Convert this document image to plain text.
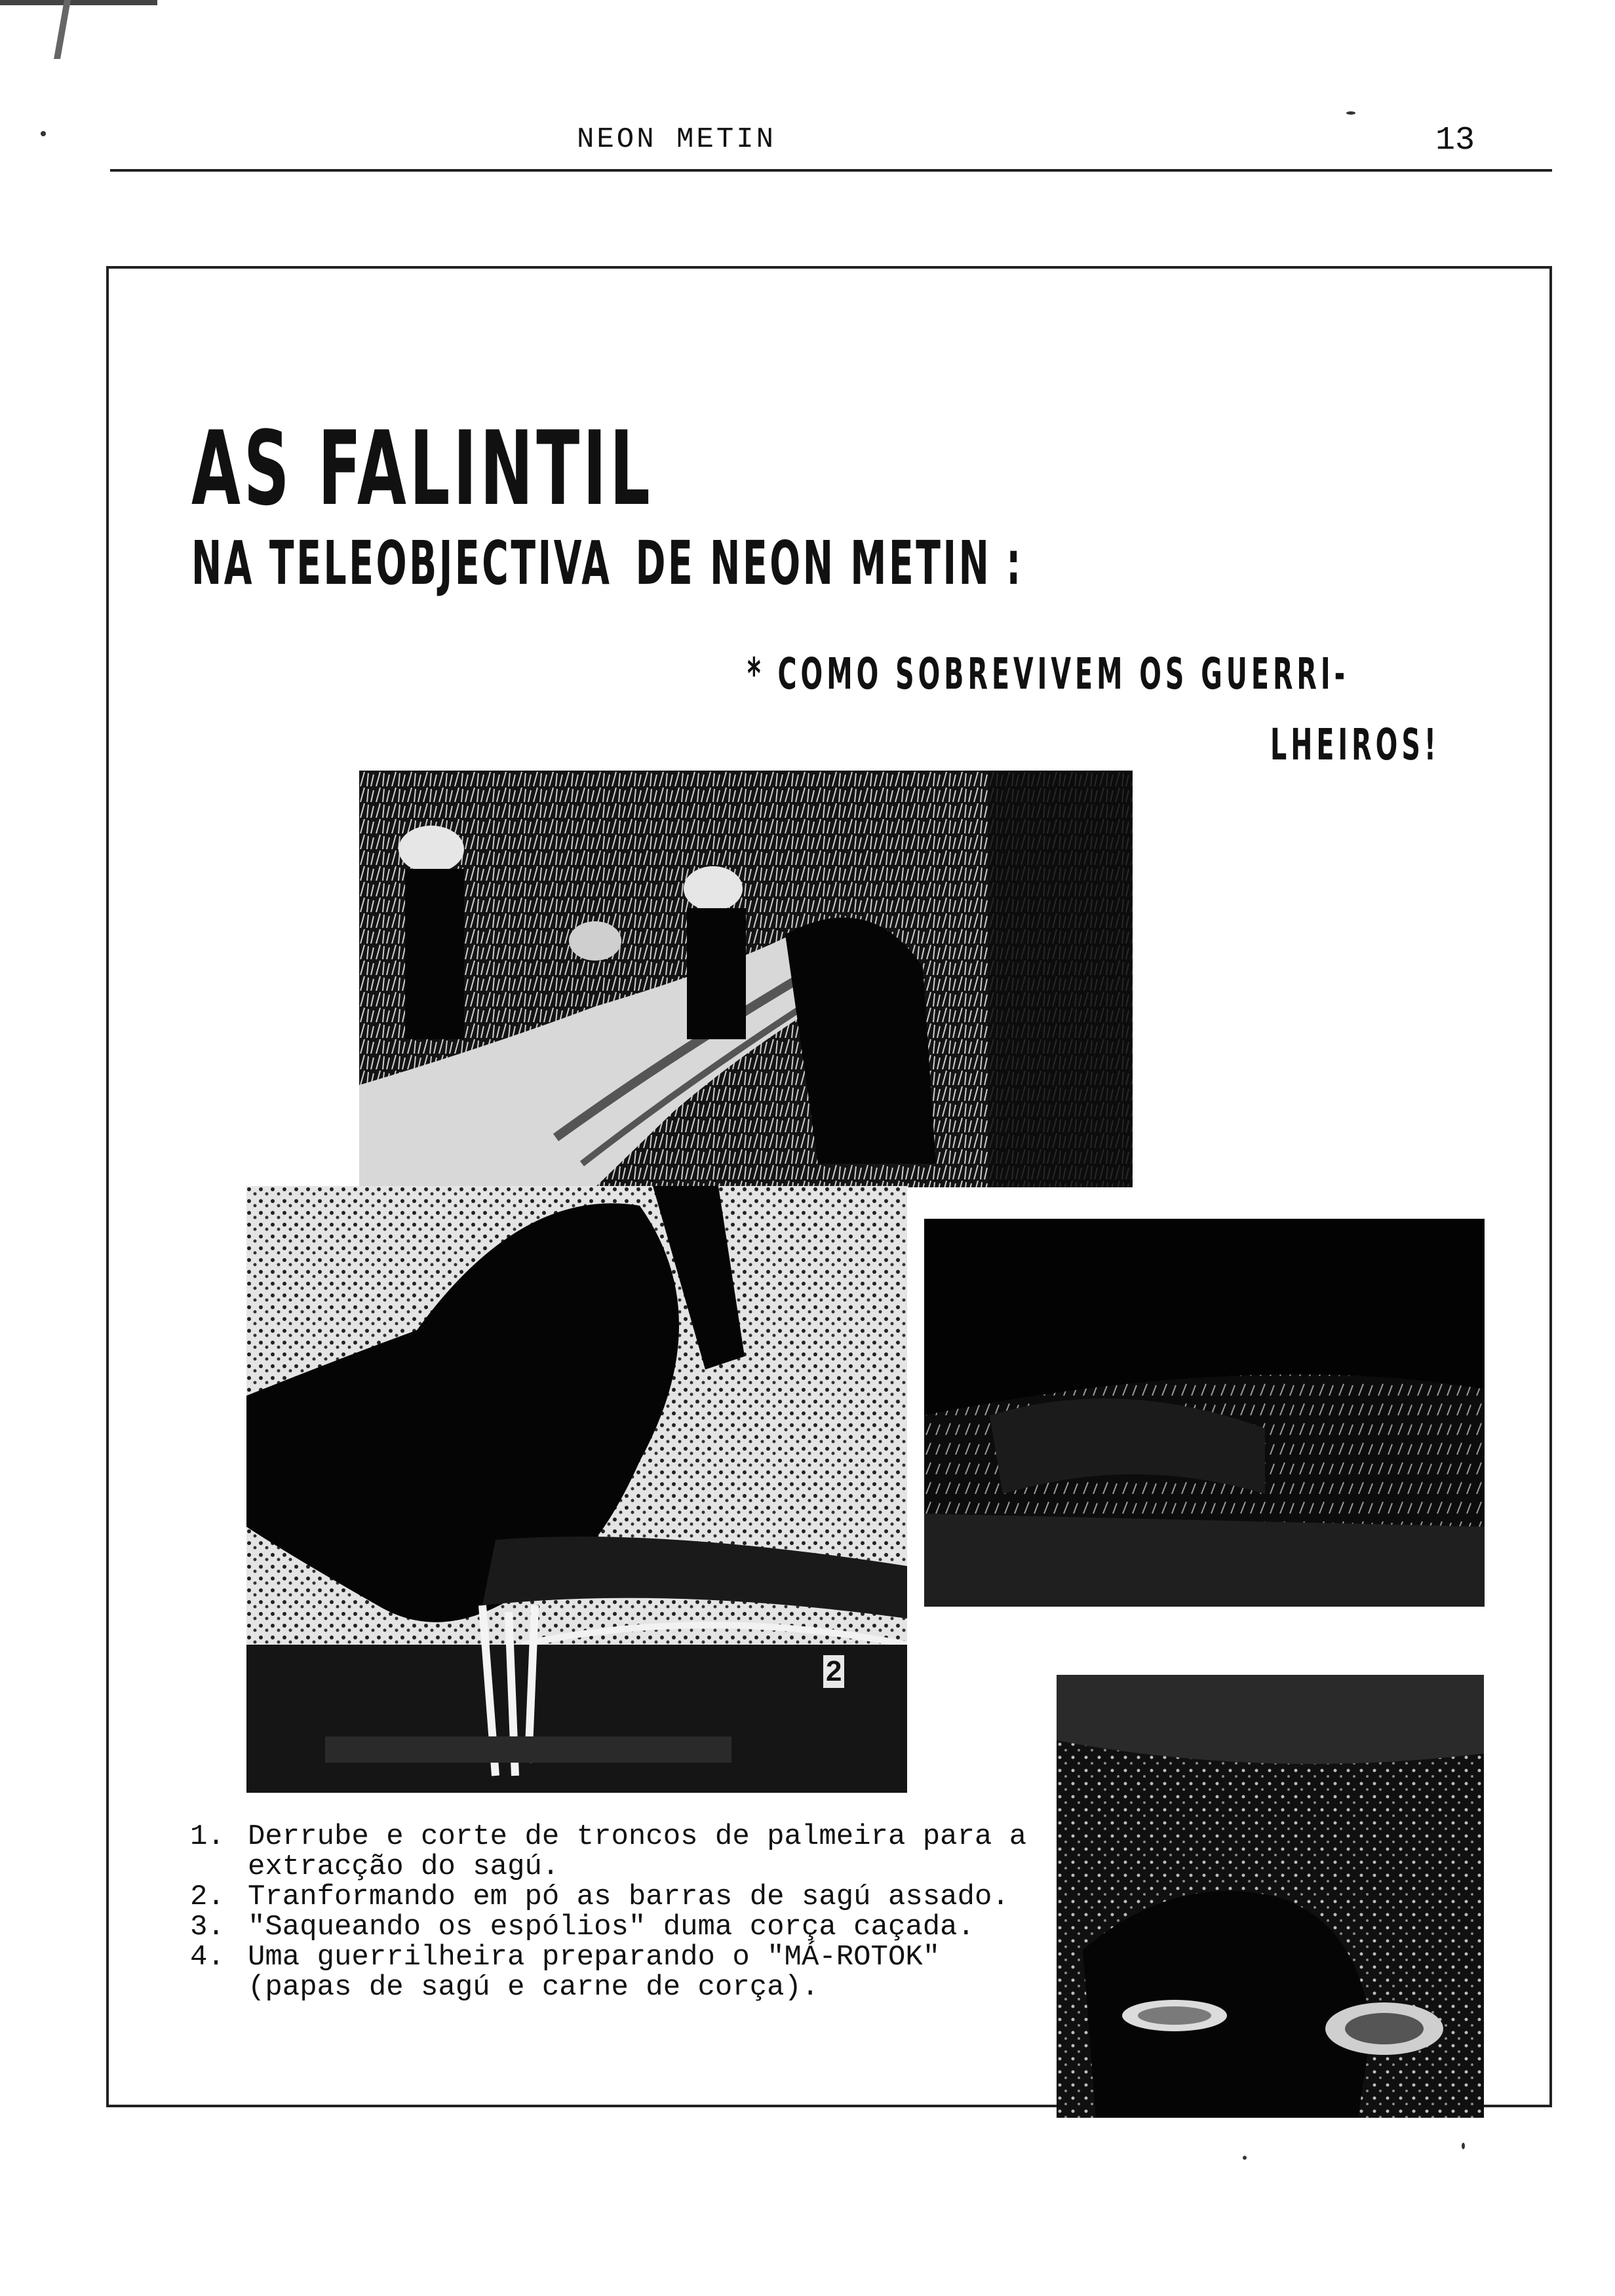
NEON METIN	13
AS FALINTIL
NA TELEOBJECTIVA DE NEON METIN :
* COMO SOBREVIVEM OS GUERRI-
LHEIROS!
2
1. Derrube e corte de troncos de palmeira para a extracção do sagú.
2. Tranformando em pó as barras de sagú assado.
3. "Saqueando os espólios" duma corça caçada.
4. Uma guerrilheira preparando o "MÁ-ROTOK"(papas de sagú e carne de corça).
